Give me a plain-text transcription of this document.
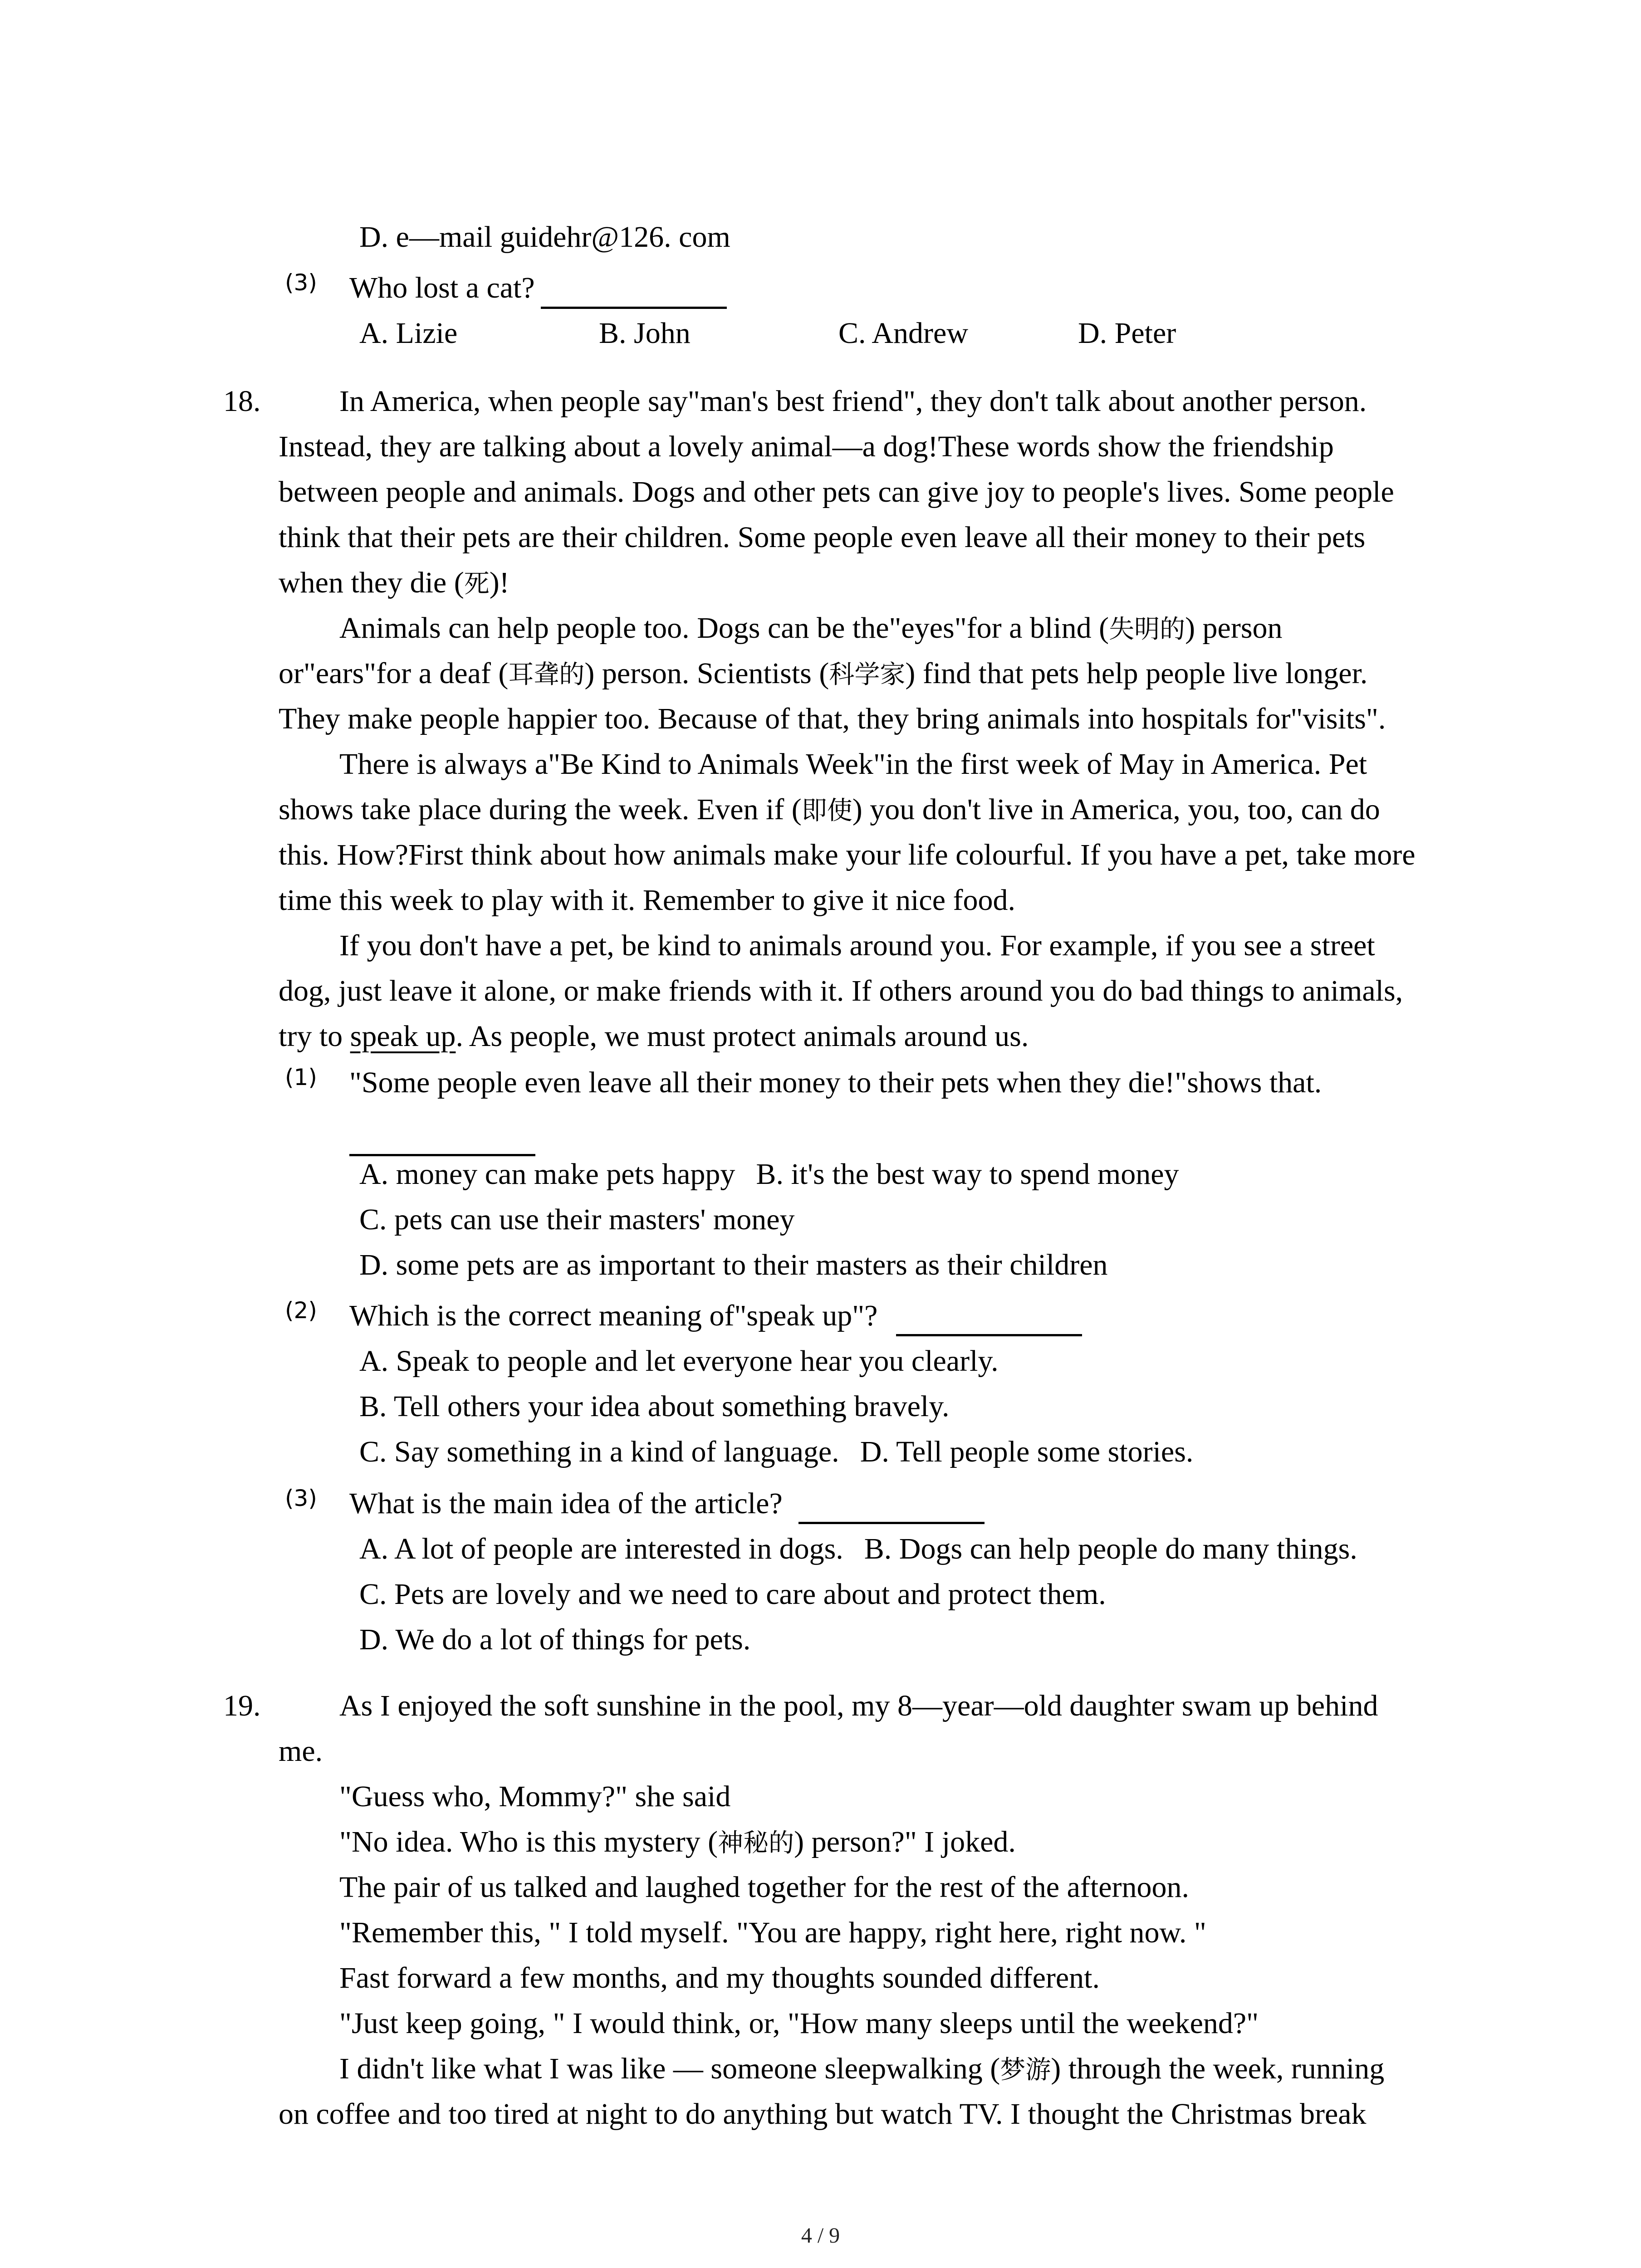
D. e—mail guidehr@126. com
(3) Who lost a cat?
A. Lizie	B. John	C. Andrew	D. Peter
18.	In America, when people say"man's best friend", they don't talk about another person.
Instead, they are talking about a lovely animal—a dog!These words show the friendship
between people and animals. Dogs and other pets can give joy to people's lives. Some people
think that their pets are their children. Some people even leave all their money to their pets
when they die (死)!
Animals can help people too. Dogs can be the"eyes"for a blind (失明的) person
or"ears"for a deaf (耳聋的) person. Scientists (科学家) find that pets help people live longer.
They make people happier too. Because of that, they bring animals into hospitals for"visits".
There is always a"Be Kind to Animals Week"in the first week of May in America. Pet
shows take place during the week. Even if (即使) you don't live in America, you, too, can do
this. How?First think about how animals make your life colourful. If you have a pet, take more
time this week to play with it. Remember to give it nice food.
If you don't have a pet, be kind to animals around you. For example, if you see a street
dog, just leave it alone, or make friends with it. If others around you do bad things to animals,
try to speak up. As people, we must protect animals around us.
(1) "Some people even leave all their money to their pets when they die!"shows that.
A. money can make pets happy B. it's the best way to spend money
C. pets can use their masters' money
D. some pets are as important to their masters as their children
(2) Which is the correct meaning of"speak up"?
A. Speak to people and let everyone hear you clearly.
B. Tell others your idea about something bravely.
C. Say something in a kind of language. D. Tell people some stories.
(3) What is the main idea of the article?
A. A lot of people are interested in dogs. B. Dogs can help people do many things.
C. Pets are lovely and we need to care about and protect them.
D. We do a lot of things for pets.
19.	As I enjoyed the soft sunshine in the pool, my 8—year—old daughter swam up behind
me.
"Guess who, Mommy?" she said
"No idea. Who is this mystery (神秘的) person?" I joked.
The pair of us talked and laughed together for the rest of the afternoon.
"Remember this, " I told myself. "You are happy, right here, right now. "
Fast forward a few months, and my thoughts sounded different.
"Just keep going, " I would think, or, "How many sleeps until the weekend?"
I didn't like what I was like — someone sleepwalking (梦游) through the week, running
on coffee and too tired at night to do anything but watch TV. I thought the Christmas break
4 / 9
